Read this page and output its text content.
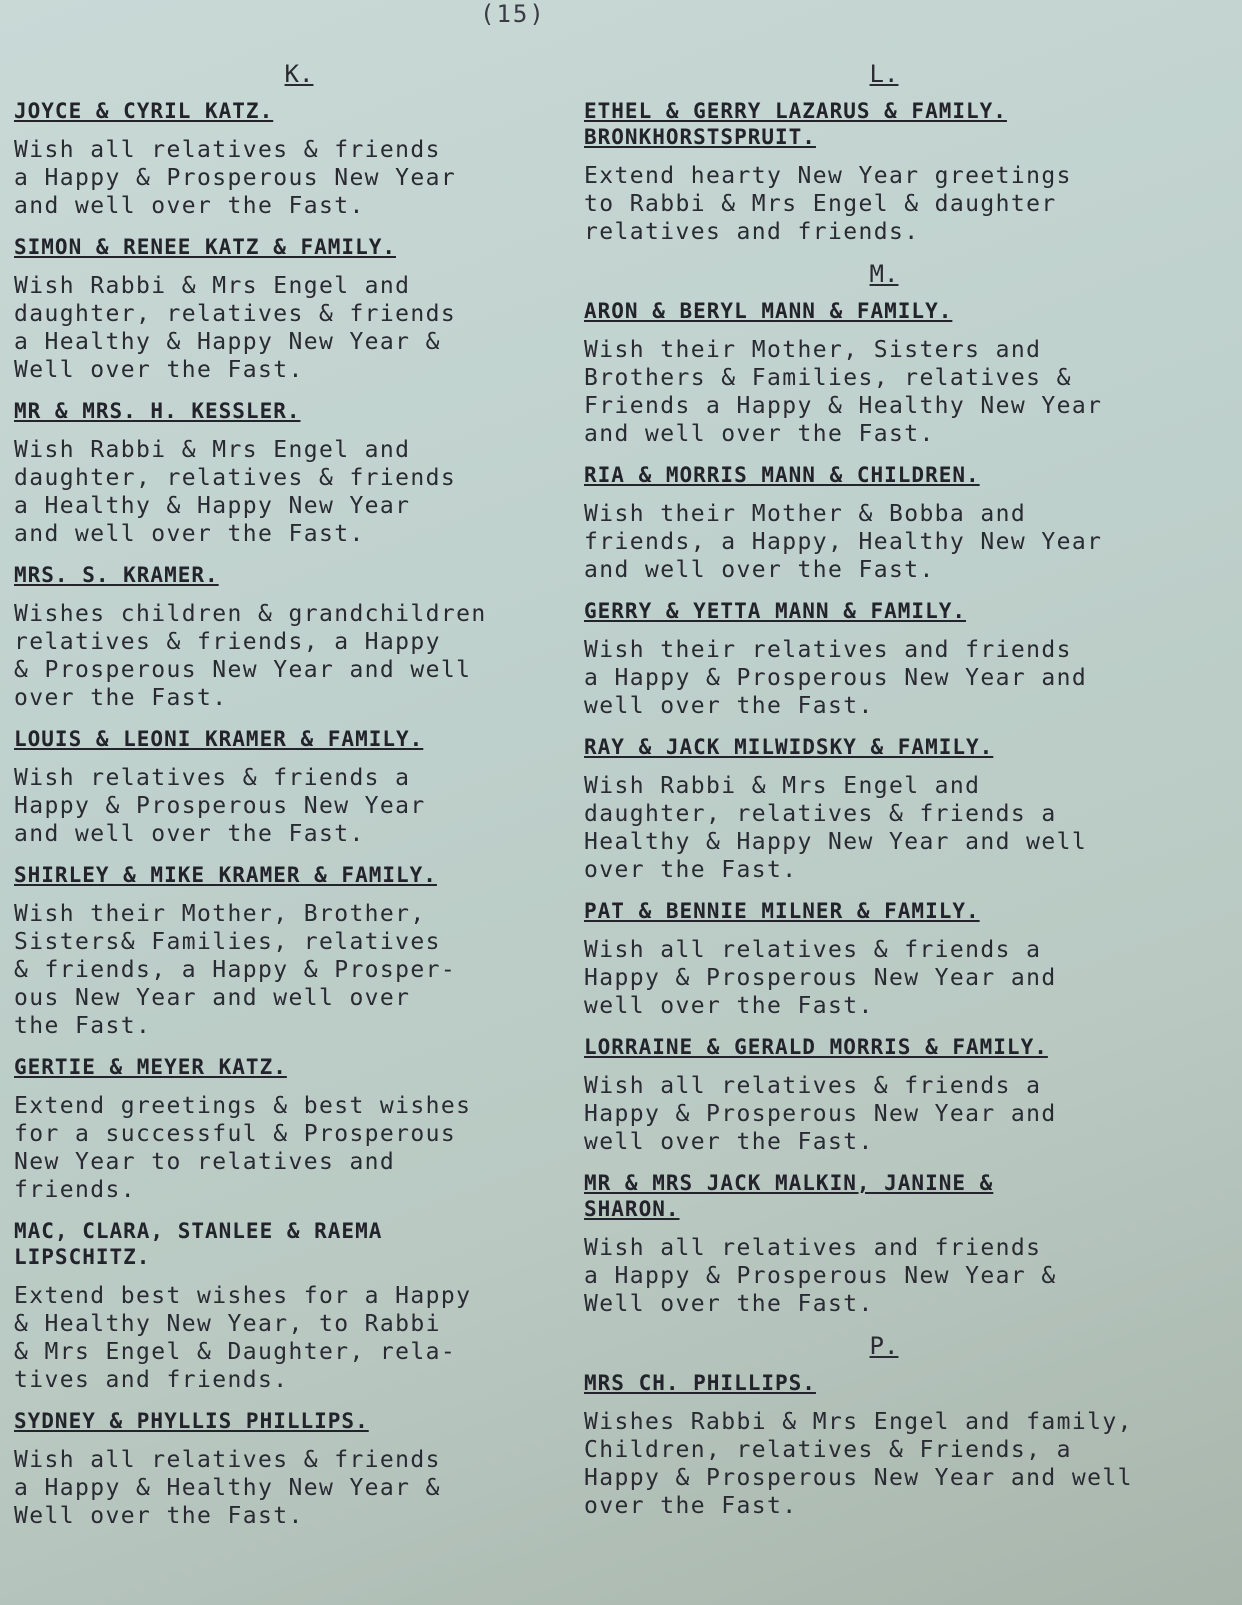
(15)
K.

JOYCE & CYRIL KATZ.

Wish all relatives & friends
a Happy & Prosperous New Year
and well over the Fast.

SIMON & RENEE KATZ & FAMILY.

Wish Rabbi & Mrs Engel and
daughter, relatives & friends
a Healthy & Happy New Year &
Well over the Fast.

MR & MRS. H. KESSLER.

Wish Rabbi & Mrs Engel and
daughter, relatives & friends
a Healthy & Happy New Year
and well over the Fast.

MRS. S. KRAMER.

Wishes children & grandchildren
relatives & friends, a Happy
& Prosperous New Year and well
over the Fast.

LOUIS & LEONI KRAMER & FAMILY.

Wish relatives & friends a
Happy & Prosperous New Year
and well over the Fast.

SHIRLEY & MIKE KRAMER & FAMILY.

Wish their Mother, Brother,
Sisters& Families, relatives
& friends, a Happy & Prosper-
ous New Year and well over
the Fast.

GERTIE & MEYER KATZ.

Extend greetings & best wishes
for a successful & Prosperous
New Year to relatives and
friends.

MAC, CLARA, STANLEE & RAEMA
LIPSCHITZ.

Extend best wishes for a Happy
& Healthy New Year, to Rabbi
& Mrs Engel & Daughter, rela-
tives and friends.

SYDNEY & PHYLLIS PHILLIPS.

Wish all relatives & friends
a Happy & Healthy New Year &
Well over the Fast.

L.

ETHEL & GERRY LAZARUS & FAMILY.
BRONKHORSTSPRUIT.

Extend hearty New Year greetings
to Rabbi & Mrs Engel & daughter
relatives and friends.

M.

ARON & BERYL MANN & FAMILY.

Wish their Mother, Sisters and
Brothers & Families, relatives &
Friends a Happy & Healthy New Year
and well over the Fast.

RIA & MORRIS MANN & CHILDREN.

Wish their Mother & Bobba and
friends, a Happy, Healthy New Year
and well over the Fast.

GERRY & YETTA MANN & FAMILY.

Wish their relatives and friends
a Happy & Prosperous New Year and
well over the Fast.

RAY & JACK MILWIDSKY & FAMILY.

Wish Rabbi & Mrs Engel and
daughter, relatives & friends a
Healthy & Happy New Year and well
over the Fast.

PAT & BENNIE MILNER & FAMILY.

Wish all relatives & friends a
Happy & Prosperous New Year and
well over the Fast.

LORRAINE & GERALD MORRIS & FAMILY.

Wish all relatives & friends a
Happy & Prosperous New Year and
well over the Fast.

MR & MRS JACK MALKIN, JANINE &
SHARON.

Wish all relatives and friends
a Happy & Prosperous New Year &
Well over the Fast.

P.

MRS CH. PHILLIPS.

Wishes Rabbi & Mrs Engel and family,
Children, relatives & Friends, a
Happy & Prosperous New Year and well
over the Fast.
